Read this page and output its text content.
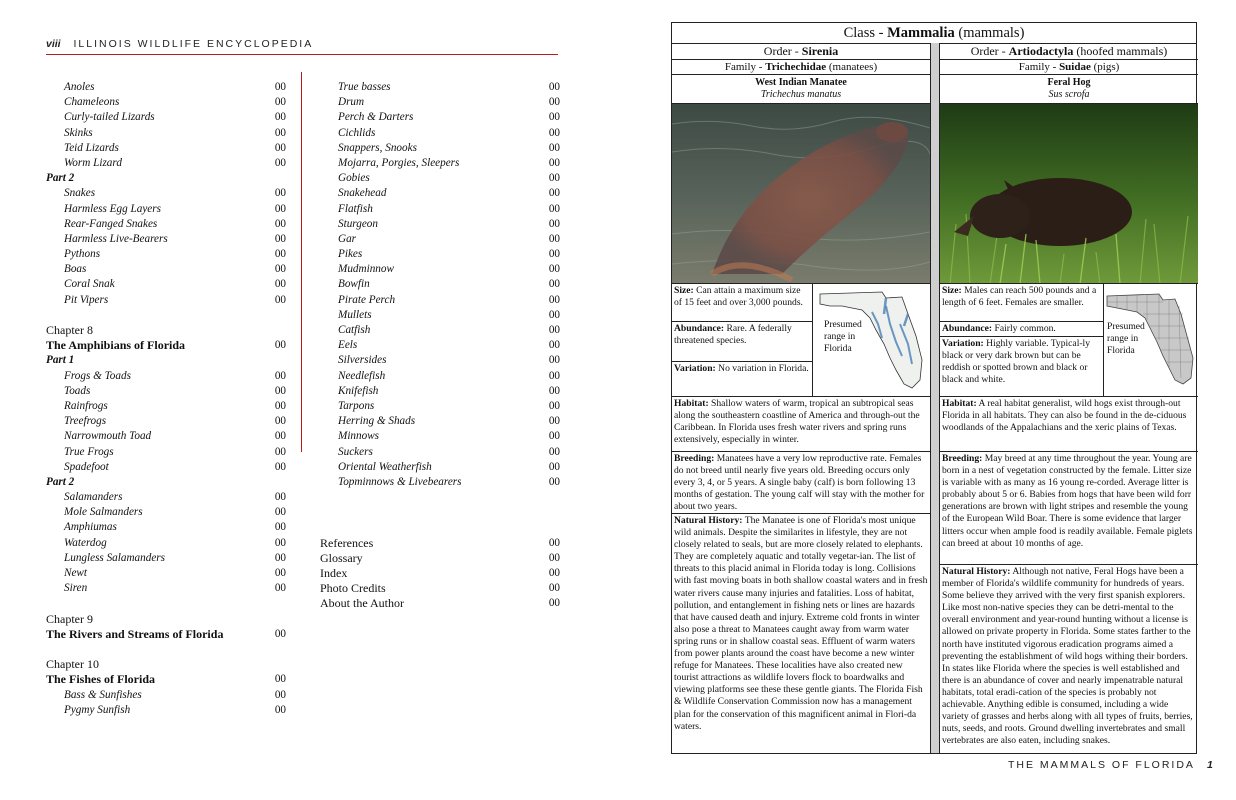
viii ILLINOIS WILDLIFE ENCYCLOPEDIA
Anoles	00
Chameleons	00
Curly-tailed Lizards	00
Skinks	00
Teid Lizards	00
Worm Lizard	00
Part 2
Snakes	00
Harmless Egg Layers	00
Rear-Fanged Snakes	00
Harmless Live-Bearers	00
Pythons	00
Boas	00
Coral Snak	00
Pit Vipers	00
Chapter 8
The Amphibians of Florida	00
Part 1
Frogs & Toads	00
Toads	00
Rainfrogs	00
Treefrogs	00
Narrowmouth Toad	00
True Frogs	00
Spadefoot	00
Part 2
Salamanders	00
Mole Salmanders	00
Amphiumas	00
Waterdog	00
Lungless Salamanders	00
Newt	00
Siren	00
Chapter 9
The Rivers and Streams of Florida	00
Chapter 10
The Fishes of Florida	00
Bass & Sunfishes	00
Pygmy Sunfish	00
True basses	00
Drum	00
Perch & Darters	00
Cichlids	00
Snappers, Snooks	00
Mojarra, Porgies, Sleepers	00
Gobies	00
Snakehead	00
Flatfish	00
Sturgeon	00
Gar	00
Pikes	00
Mudminnow	00
Bowfin	00
Pirate Perch	00
Mullets	00
Catfish	00
Eels	00
Silversides	00
Needlefish	00
Knifefish	00
Tarpons	00
Herring & Shads	00
Minnows	00
Suckers	00
Oriental Weatherfish	00
Topminnows & Livebearers	00
References	00
Glossary	00
Index	00
Photo Credits	00
About the Author	00
Class - Mammalia (mammals)
Order - Sirenia
Family - Trichechidae (manatees)
West Indian Manatee
Trichechus manatus
Size: Can attain a maximum size of 15 feet and over 3,000 pounds.
Abundance: Rare. A federally threatened species.
Variation: No variation in Florida.
Presumed range in Florida
Habitat: Shallow waters of warm, tropical an subtropical seas along the southeastern coastline of America and through-out the Caribbean. In Florida uses fresh water rivers and spring runs extensively, especially in winter.
Breeding: Manatees have a very low reproductive rate. Females do not breed until nearly five years old. Breeding occurs only every 3, 4, or 5 years. A single baby (calf) is born following 13 months of gestation. The young calf will stay with the mother for about two years.
Natural History: The Manatee is one of Florida's most unique wild animals. Despite the similarites in lifestyle, they are not closely related to seals, but are more closely related to elephants. They are completely aquatic and totally vegetar-ian. The list of threats to this placid animal in Florida today is long. Collisions with fast moving boats in both shallow coastal waters and in fresh water rivers cause many injuries and fatalities. Loss of habitat, pollution, and entanglement in fishing nets or lines are hazards that have caused death and injury. Extreme cold fronts in winter also pose a threat to Manatees caught away from warm water spring runs or in shallow coastal seas. Effluent of warm waters from power plants around the coast have become a new winter refuge for Manatees. These localities have also created new tourist attractions as wildlife lovers flock to boardwalks and viewing platforms see these these gentle giants. The Florida Fish & Wildlife Conservation Commission now has a management plan for the conservation of this magnificent animal in Flori-da waters.
Order - Artiodactyla (hoofed mammals)
Family - Suidae (pigs)
Feral Hog
Sus scrofa
Size: Males can reach 500 pounds and a length of 6 feet. Females are smaller.
Abundance: Fairly common.
Variation: Highly variable. Typical-ly black or very dark brown but can be reddish or spotted brown and black or black and white.
Presumed range in Florida
Habitat: A real habitat generalist, wild hogs exist through-out Florida in all habitats. They can also be found in the de-ciduous woodlands of the Appalachians and the xeric plains of Texas.
Breeding: May breed at any time throughout the year. Young are born in a nest of vegetation constructed by the female. Litter size is variable with as many as 16 young re-corded. Average litter is probably about 5 or 6. Babies from hogs that have been wild forr generations are brown with light stripes and resemble the young of the European Wild Boar. There is some evidence that larger litters occur when ample food is readily available. Female piglets can breed at about 10 months of age.
Natural History: Although not native, Feral Hogs have been a member of Florida's wildlife community for hundreds of years. Some believe they arrived with the very first spanish explorers. Like most non-native species they can be detri-mental to the overall environment and year-round hunting without a license is allowed on private property in Florida. Some states farther to the north have instituted vigorous eradication programs aimed a preventing the establishment of wild hogs withing their borders. In states like Florida where the species is well established and there is an abundance of cover and nearly impenatrable natural habitats, total eradi-cation of the species is probably not achievable. Anything edible is consumed, including a wide variety of grasses and herbs along with all types of fruits, berries, nuts, seeds, and roots. Ground dwelling invertebrates and small vertebrates are also eaten, including snakes.
THE MAMMALS OF FLORIDA 1
